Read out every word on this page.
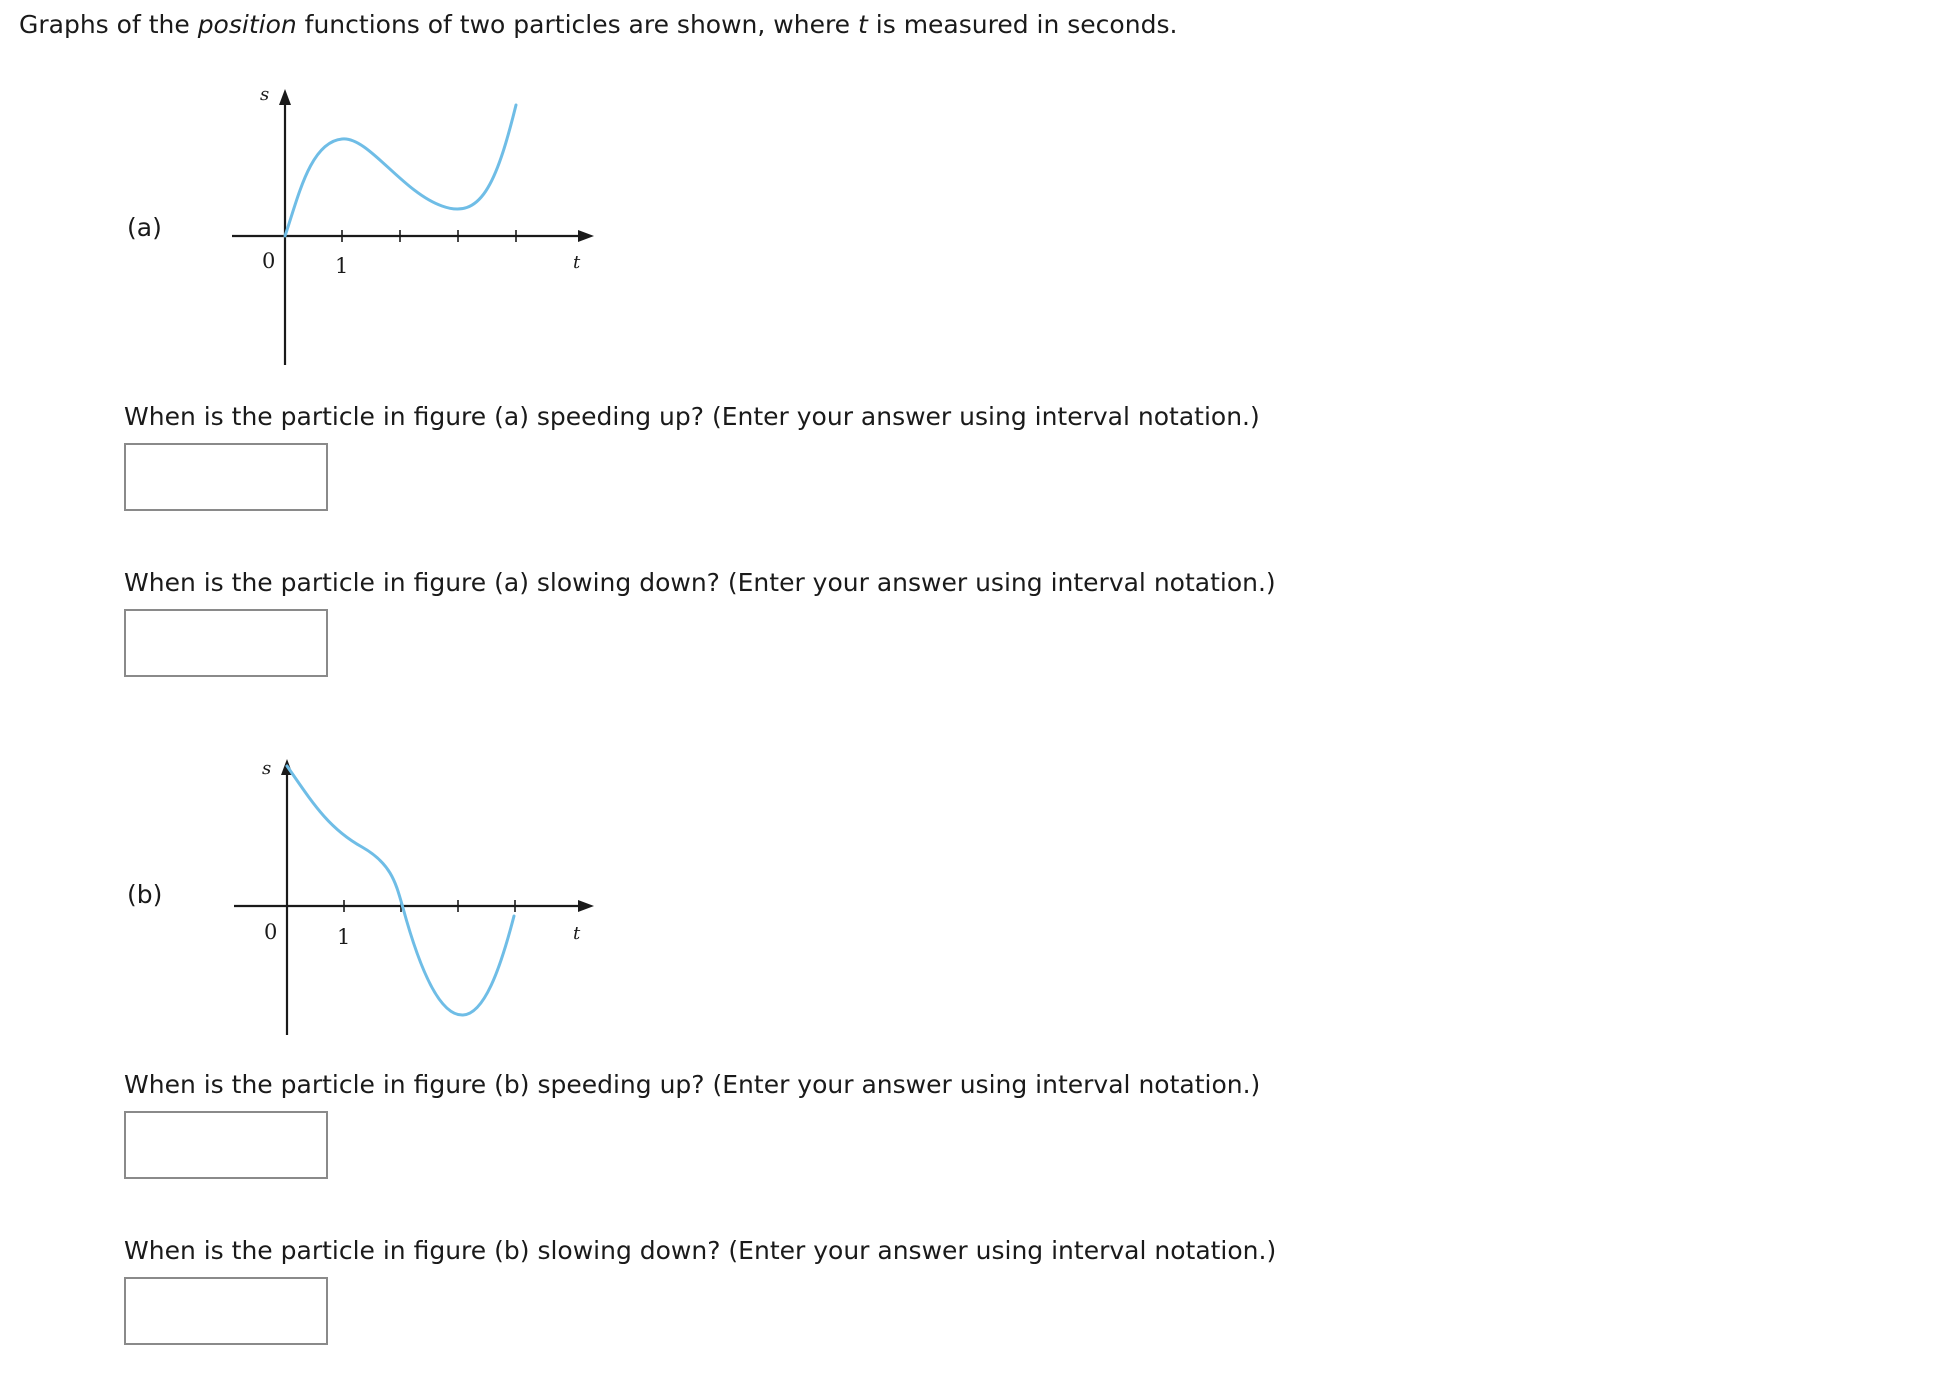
Graphs of the position functions of two particles are shown, where t is measured in seconds.
(a)
s
t
0	1
When is the particle in figure (a) speeding up? (Enter your answer using interval notation.)
When is the particle in figure (a) slowing down? (Enter your answer using interval notation.)
(b)
s
t
0	1
When is the particle in figure (b) speeding up? (Enter your answer using interval notation.)
When is the particle in figure (b) slowing down? (Enter your answer using interval notation.)
